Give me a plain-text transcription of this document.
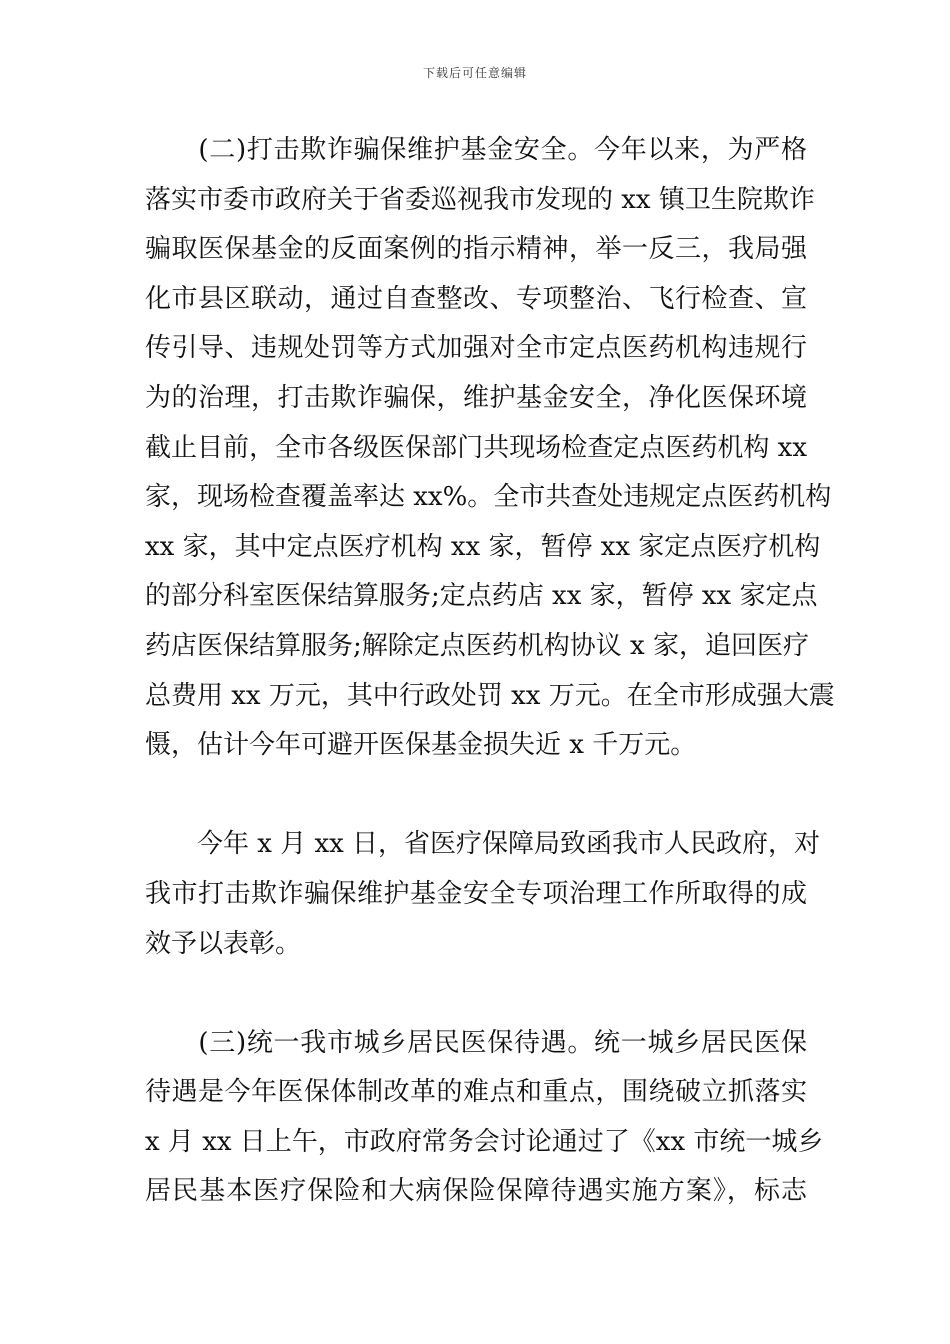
下载后可任意编辑
　　(二)打击欺诈骗保维护基金安全。今年以来，为严格
落实市委市政府关于省委巡视我市发现的 xx 镇卫生院欺诈
骗取医保基金的反面案例的指示精神，举一反三，我局强
化市县区联动，通过自查整改、专项整治、飞行检查、宣
传引导、违规处罚等方式加强对全市定点医药机构违规行
为的治理，打击欺诈骗保，维护基金安全，净化医保环境
截止目前，全市各级医保部门共现场检查定点医药机构 xx
家，现场检查覆盖率达 xx%。全市共查处违规定点医药机构
xx 家，其中定点医疗机构 xx 家，暂停 xx 家定点医疗机构
的部分科室医保结算服务;定点药店 xx 家，暂停 xx 家定点
药店医保结算服务;解除定点医药机构协议 x 家，追回医疗
总费用 xx 万元，其中行政处罚 xx 万元。在全市形成强大震
慑，估计今年可避开医保基金损失近 x 千万元。
　　今年 x 月 xx 日，省医疗保障局致函我市人民政府，对
我市打击欺诈骗保维护基金安全专项治理工作所取得的成
效予以表彰。
　　(三)统一我市城乡居民医保待遇。统一城乡居民医保
待遇是今年医保体制改革的难点和重点，围绕破立抓落实
x 月 xx 日上午，市政府常务会讨论通过了《xx 市统一城乡
居民基本医疗保险和大病保险保障待遇实施方案》，标志
